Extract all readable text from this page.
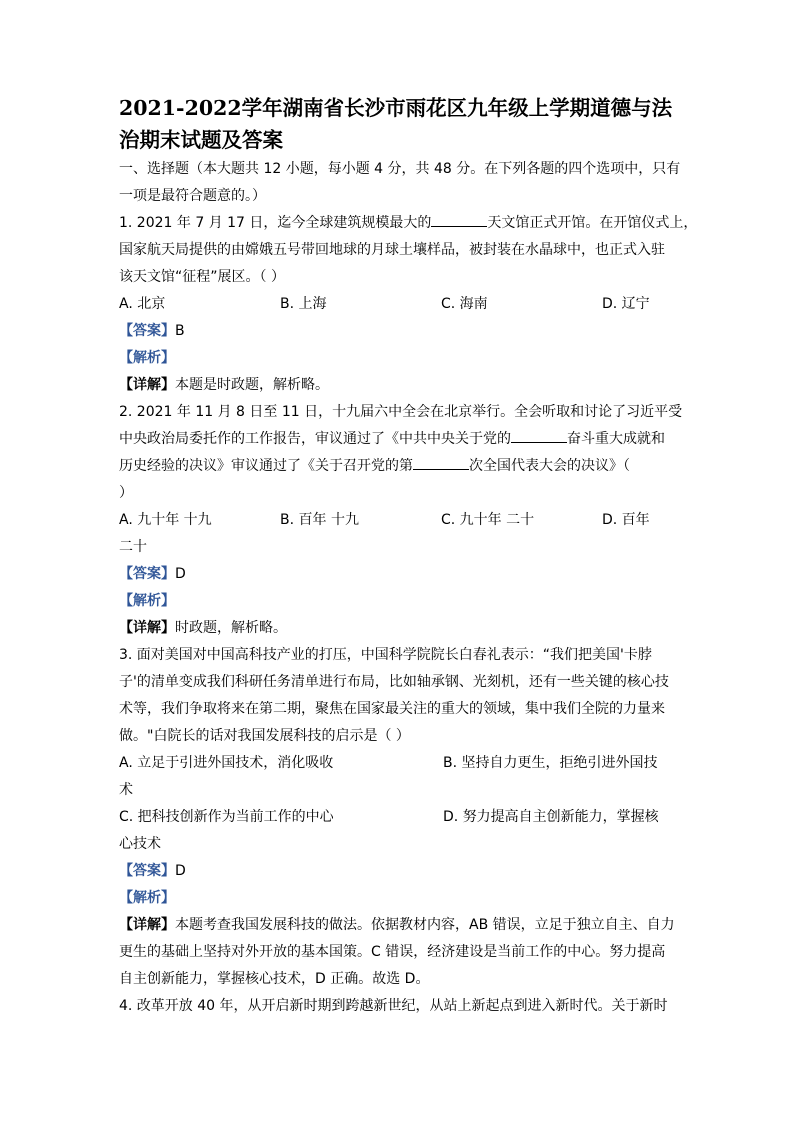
2021-2022学年湖南省长沙市雨花区九年级上学期道德与法
治期末试题及答案
一、选择题（本大题共 12 小题，每小题 4 分，共 48 分。在下列各题的四个选项中，只有
一项是最符合题意的。）
1. 2021 年 7 月 17 日，迄今全球建筑规模最大的	天文馆正式开馆。在开馆仪式上，
国家航天局提供的由嫦娥五号带回地球的月球土壤样品，被封装在水晶球中，也正式入驻
该天文馆“征程”展区。（ ）
A. 北京	B. 上海	C. 海南	D. 辽宁
【答案】B
【解析】
【详解】本题是时政题，解析略。
2. 2021 年 11 月 8 日至 11 日，十九届六中全会在北京举行。全会听取和讨论了习近平受
中央政治局委托作的工作报告，审议通过了《中共中央关于党的	奋斗重大成就和
历史经验的决议》审议通过了《关于召开党的第	次全国代表大会的决议》（
）
A. 九十年 十九	B. 百年 十九	C. 九十年 二十	D. 百年
二十
【答案】D
【解析】
【详解】时政题，解析略。
3. 面对美国对中国高科技产业的打压，中国科学院院长白春礼表示：“我们把美国'卡脖
子'的清单变成我们科研任务清单进行布局，比如轴承钢、光刻机，还有一些关键的核心技
术等，我们争取将来在第二期，聚焦在国家最关注的重大的领域，集中我们全院的力量来
做。"白院长的话对我国发展科技的启示是（ ）
A. 立足于引进外国技术，消化吸收	B. 坚持自力更生，拒绝引进外国技
术
C. 把科技创新作为当前工作的中心	D. 努力提高自主创新能力，掌握核
心技术
【答案】D
【解析】
【详解】本题考查我国发展科技的做法。依据教材内容，AB 错误，立足于独立自主、自力
更生的基础上坚持对外开放的基本国策。C 错误，经济建设是当前工作的中心。努力提高
自主创新能力，掌握核心技术，D 正确。故选 D。
4. 改革开放 40 年，从开启新时期到跨越新世纪，从站上新起点到进入新时代。关于新时
